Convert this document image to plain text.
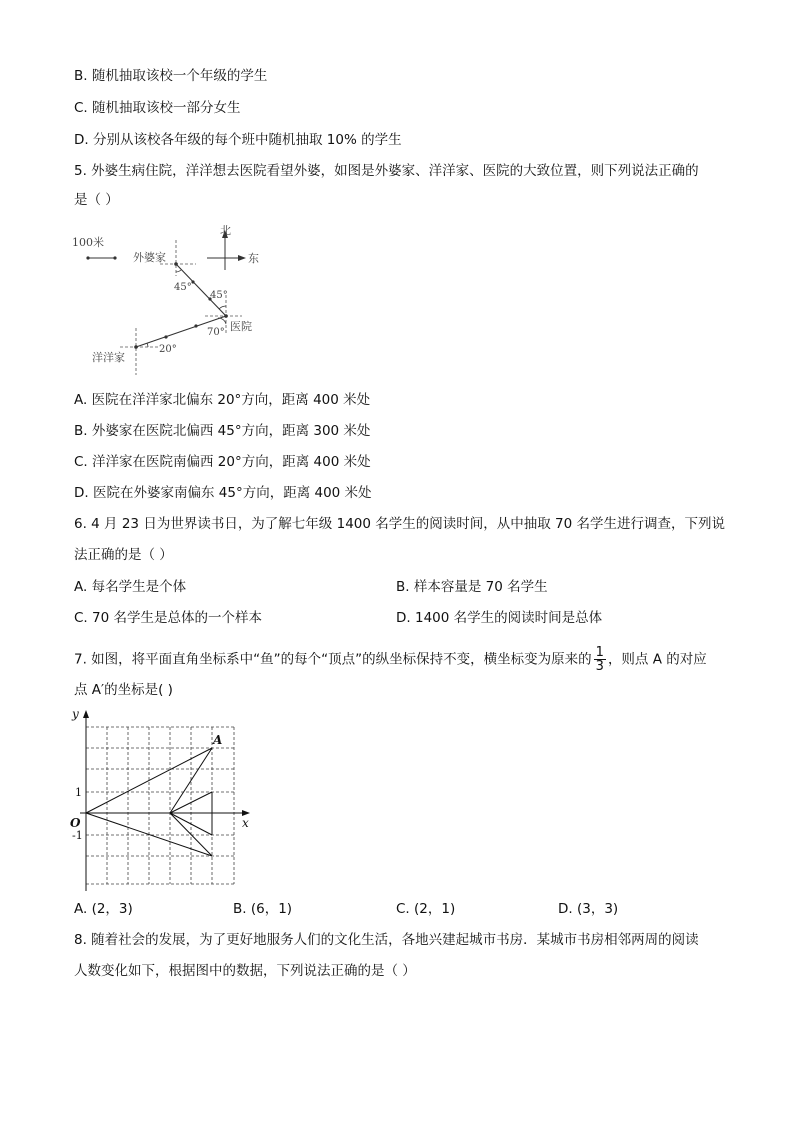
B. 随机抽取该校一个年级的学生
C. 随机抽取该校一部分女生
D. 分别从该校各年级的每个班中随机抽取 10% 的学生
5. 外婆生病住院，洋洋想去医院看望外婆，如图是外婆家、洋洋家、医院的大致位置，则下列说法正确的
是（ ）
100米
北
东
外婆家
医院
洋洋家
45°
45°
70°
20°
A. 医院在洋洋家北偏东 20°方向，距离 400 米处
B. 外婆家在医院北偏西 45°方向，距离 300 米处
C. 洋洋家在医院南偏西 20°方向，距离 400 米处
D. 医院在外婆家南偏东 45°方向，距离 400 米处
6. 4 月 23 日为世界读书日，为了解七年级 1400 名学生的阅读时间，从中抽取 70 名学生进行调查，下列说
法正确的是（ ）
A. 每名学生是个体	B. 样本容量是 70 名学生
C. 70 名学生是总体的一个样本	D. 1400 名学生的阅读时间是总体
7. 如图，将平面直角坐标系中“鱼”的每个“顶点”的纵坐标保持不变，横坐标变为原来的 $\frac{1}{3}$ ，则点 A 的对应
点 A′的坐标是( )
y
x
O
1
-1
A
A. (2，3)	B. (6，1)	C. (2，1)	D. (3，3)
8. 随着社会的发展，为了更好地服务人们的文化生活，各地兴建起城市书房．某城市书房相邻两周的阅读
人数变化如下，根据图中的数据，下列说法正确的是（ ）
